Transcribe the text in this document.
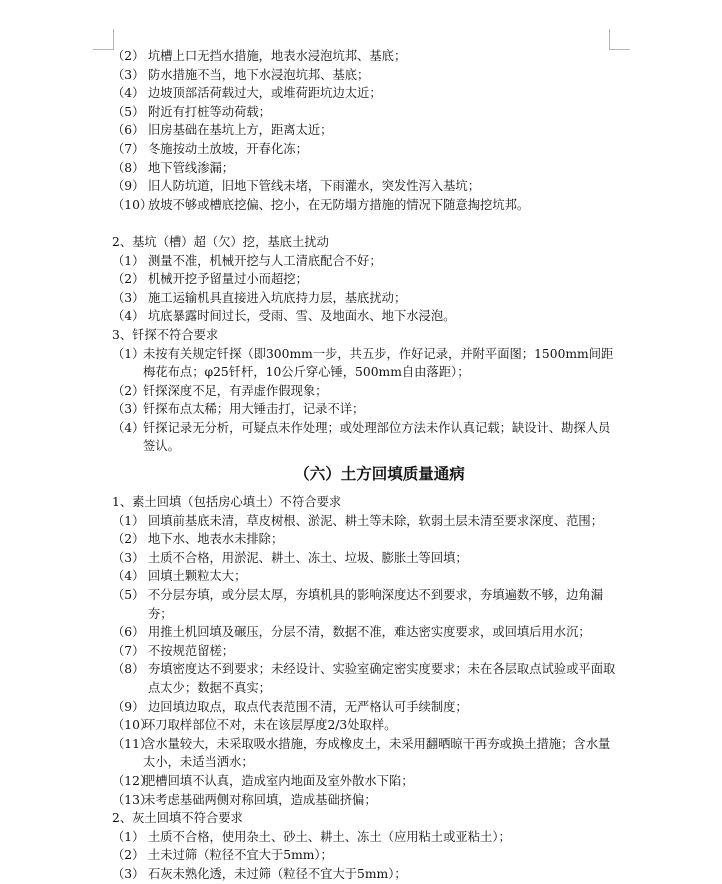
（2） 坑槽上口无挡水措施，地表水浸泡坑邦、基底；
（3） 防水措施不当，地下水浸泡坑邦、基底；
（4） 边坡顶部活荷载过大，或堆荷距坑边太近；
（5） 附近有打桩等动荷载；
（6） 旧房基础在基坑上方，距离太近；
（7） 冬施按动土放坡，开春化冻；
（8） 地下管线渗漏；
（9） 旧人防坑道，旧地下管线未堵，下雨灌水，突发性泻入基坑；
（10）
放坡不够或槽底挖偏、挖小，在无防塌方措施的情况下随意掏挖坑邦。
2、基坑（槽）超（欠）挖，基底土扰动
（1） 测量不准，机械开挖与人工清底配合不好；
（2） 机械开挖予留量过小而超挖；
（3） 施工运输机具直接进入坑底持力层，基底扰动；
（4） 坑底暴露时间过长，受雨、雪、及地面水、地下水浸泡。
3、钎探不符合要求
（1）
未按有关规定钎探（即300mm一步，共五步，作好记录，并附平面图；1500mm间距梅花布点；φ25钎杆，10公斤穿心锤，500mm自由落距）；
（2）
钎探深度不足，有弄虚作假现象；
（3）
钎探布点太稀；用大锤击打，记录不详；
（4）
钎探记录无分析，可疑点未作处理；或处理部位方法未作认真记载；缺设计、勘探人员签认。
（六）土方回填质量通病
1、素土回填（包括房心填土）不符合要求
（1） 回填前基底未清，草皮树根、淤泥、耕土等未除，软弱土层未清至要求深度、范围；
（2） 地下水、地表水未排除；
（3） 土质不合格，用淤泥、耕土、冻土、垃圾、膨胀土等回填；
（4） 回填土颗粒太大；
（5） 不分层夯填，或分层太厚，夯填机具的影响深度达不到要求，夯填遍数不够，边角漏夯；
（6） 用推土机回填及碾压，分层不清，数据不准，难达密实度要求，或回填后用水沉；
（7） 不按规范留槎；
（8） 夯填密度达不到要求；未经设计、实验室确定密实度要求；未在各层取点试验或平面取点太少；数据不真实；
（9） 边回填边取点，取点代表范围不清，无严格认可手续制度；
（10）
环刀取样部位不对，未在该层厚度2/3处取样。
（11）
含水量较大，未采取吸水措施，夯成橡皮土，未采用翻晒晾干再夯或换土措施；含水量太小，未适当洒水；
（12）
肥槽回填不认真，造成室内地面及室外散水下陷；
（13）
未考虑基础两侧对称回填，造成基础挤偏；
2、灰土回填不符合要求
（1） 土质不合格，使用杂土、砂土、耕土、冻土（应用粘土或亚粘土）；
（2） 土未过筛（粒径不宜大于5mm）；
（3） 石灰未熟化透，未过筛（粒径不宜大于5mm）；
